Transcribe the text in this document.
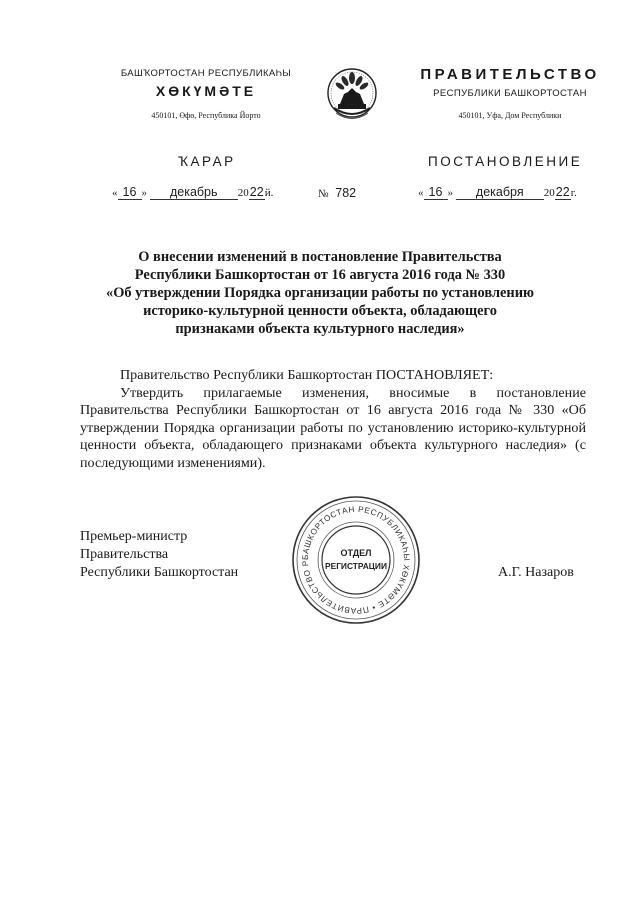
БАШҠОРТОСТАН РЕСПУБЛИКАҺЫ
ХӨКҮМӘТЕ
450101, Өфө, Республика Йорто
ПРАВИТЕЛЬСТВО
РЕСПУБЛИКИ БАШКОРТОСТАН
450101, Уфа, Дом Республики
ҠАРАР	ПОСТАНОВЛЕНИЕ
« 16 » декабрь 2022й.	№ 782	« 16 » декабря 2022г.
О внесении изменений в постановление Правительства
Республики Башкортостан от 16 августа 2016 года № 330
«Об утверждении Порядка организации работы по установлению
историко-культурной ценности объекта, обладающего
признаками объекта культурного наследия»

Правительство Республики Башкортостан ПОСТАНОВЛЯЕТ:

Утвердить прилагаемые изменения, вносимые в постановление Правительства Республики Башкортостан от 16 августа 2016 года № 330 «Об утверждении Порядка организации работы по установлению историко-культурной ценности объекта, обладающего признаками объекта культурного наследия» (с последующими изменениями).

Премьер-министр
Правительства
Республики Башкортостан	А.Г. Назаров
БАШКОРТОСТАН РЕСПУБЛИКАҺЫ ХӨКҮМӘТЕ • ПРАВИТЕЛЬСТВО Р
ОТДЕЛ
РЕГИСТРАЦИИ
